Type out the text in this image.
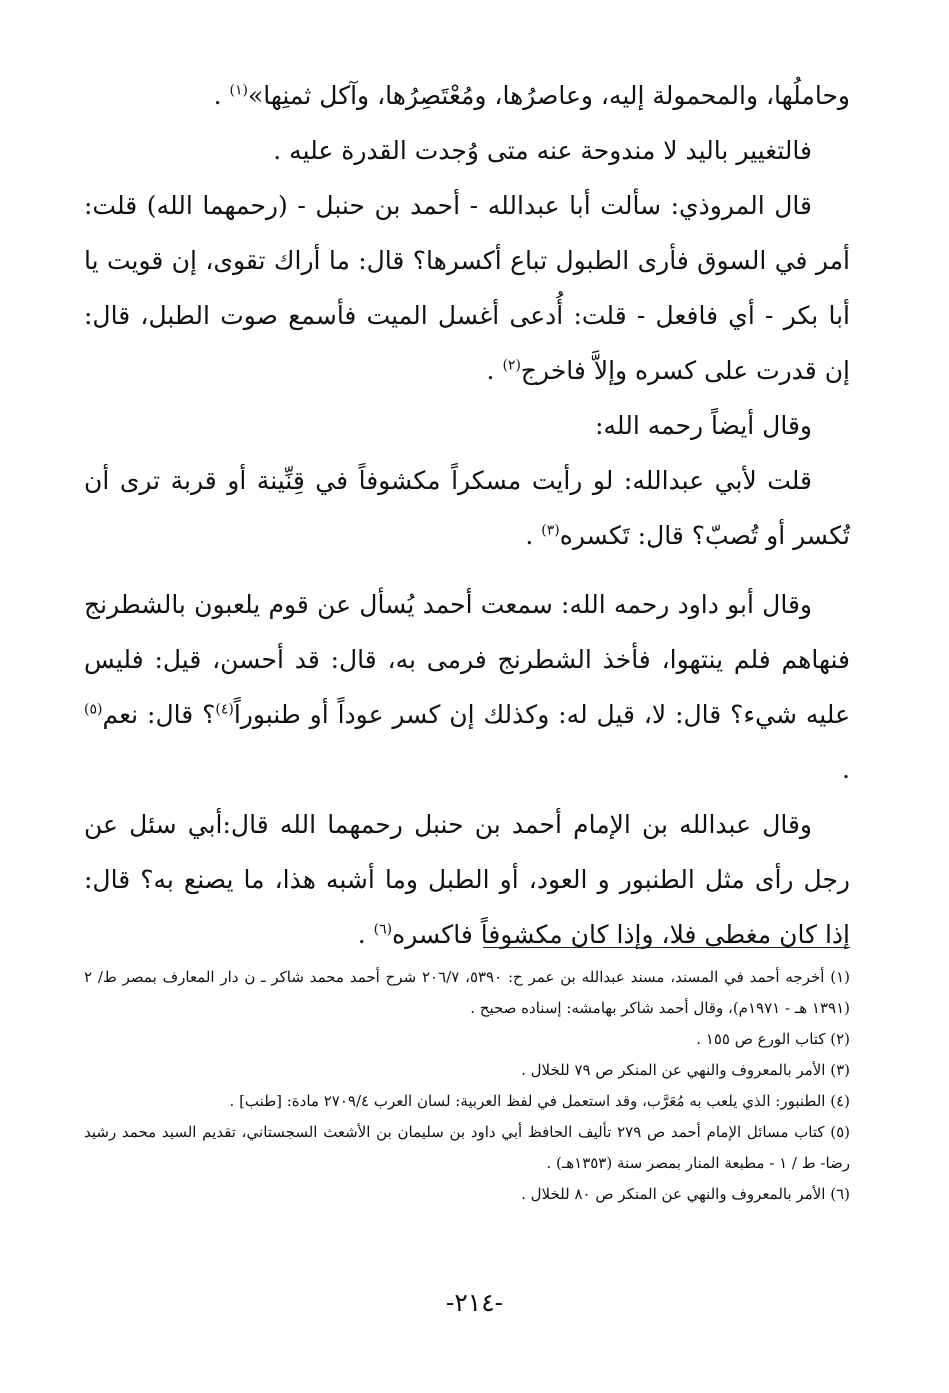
وحاملُها، والمحمولة إليه، وعاصرُها، ومُعْتَصِرُها، وآكل ثمنِها»$^{(١)}$ .

فالتغيير باليد لا مندوحة عنه متى وُجدت القدرة عليه .

قال المروذي: سألت أبا عبدالله - أحمد بن حنبل - (رحمهما الله) قلت: أمر في السوق فأرى الطبول تباع أكسرها؟ قال: ما أراك تقوى، إن قويت يا أبا بكر - أي فافعل - قلت: أُدعى أغسل الميت فأسمع صوت الطبل، قال: إن قدرت على كسره وإلاَّ فاخرج$^{(٢)}$ .

وقال أيضاً رحمه الله:

قلت لأبي عبدالله: لو رأيت مسكراً مكشوفاً في قِنِّينة أو قربة ترى أن تُكسر أو تُصبّ؟ قال: تَكسره$^{(٣)}$ .

وقال أبو داود رحمه الله: سمعت أحمد يُسأل عن قوم يلعبون بالشطرنج فنهاهم فلم ينتهوا، فأخذ الشطرنج فرمى به، قال: قد أحسن، قيل: فليس عليه شيء؟ قال: لا، قيل له: وكذلك إن كسر عوداً أو طنبوراً$^{(٤)}$؟ قال: نعم$^{(٥)}$ .

وقال عبدالله بن الإمام أحمد بن حنبل رحمهما الله قال:أبي سئل عن رجل رأى مثل الطنبور و العود، أو الطبل وما أشبه هذا، ما يصنع به؟ قال: إذا كان مغطى فلا، وإذا كان مكشوفاً فاكسره$^{(٦)}$ .

(١) أخرجه أحمد في المسند، مسند عبدالله بن عمر ح: ٥٣٩٠، ٢٠٦/٧ شرح أحمد محمد شاكر ـ ن دار المعارف بمصر ط/ ٢ (١٣٩١ هـ - ١٩٧١م)، وقال أحمد شاكر بهامشه: إسناده صحيح .

(٢) كتاب الورع ص ١٥٥ .

(٣) الأمر بالمعروف والنهي عن المنكر ص ٧٩ للخلال .

(٤) الطنبور: الذي يلعب به مُعَرَّب، وقد استعمل في لفظ العربية: لسان العرب ٢٧٠٩/٤ مادة: [طنب] .

(٥) كتاب مسائل الإمام أحمد ص ٢٧٩ تأليف الحافظ أبي داود بن سليمان بن الأشعث السجستاني، تقديم السيد محمد رشيد رضا- ط / ١ - مطبعة المنار بمصر سنة (١٣٥٣هـ) .

(٦) الأمر بالمعروف والنهي عن المنكر ص ٨٠ للخلال .

-٢١٤-
